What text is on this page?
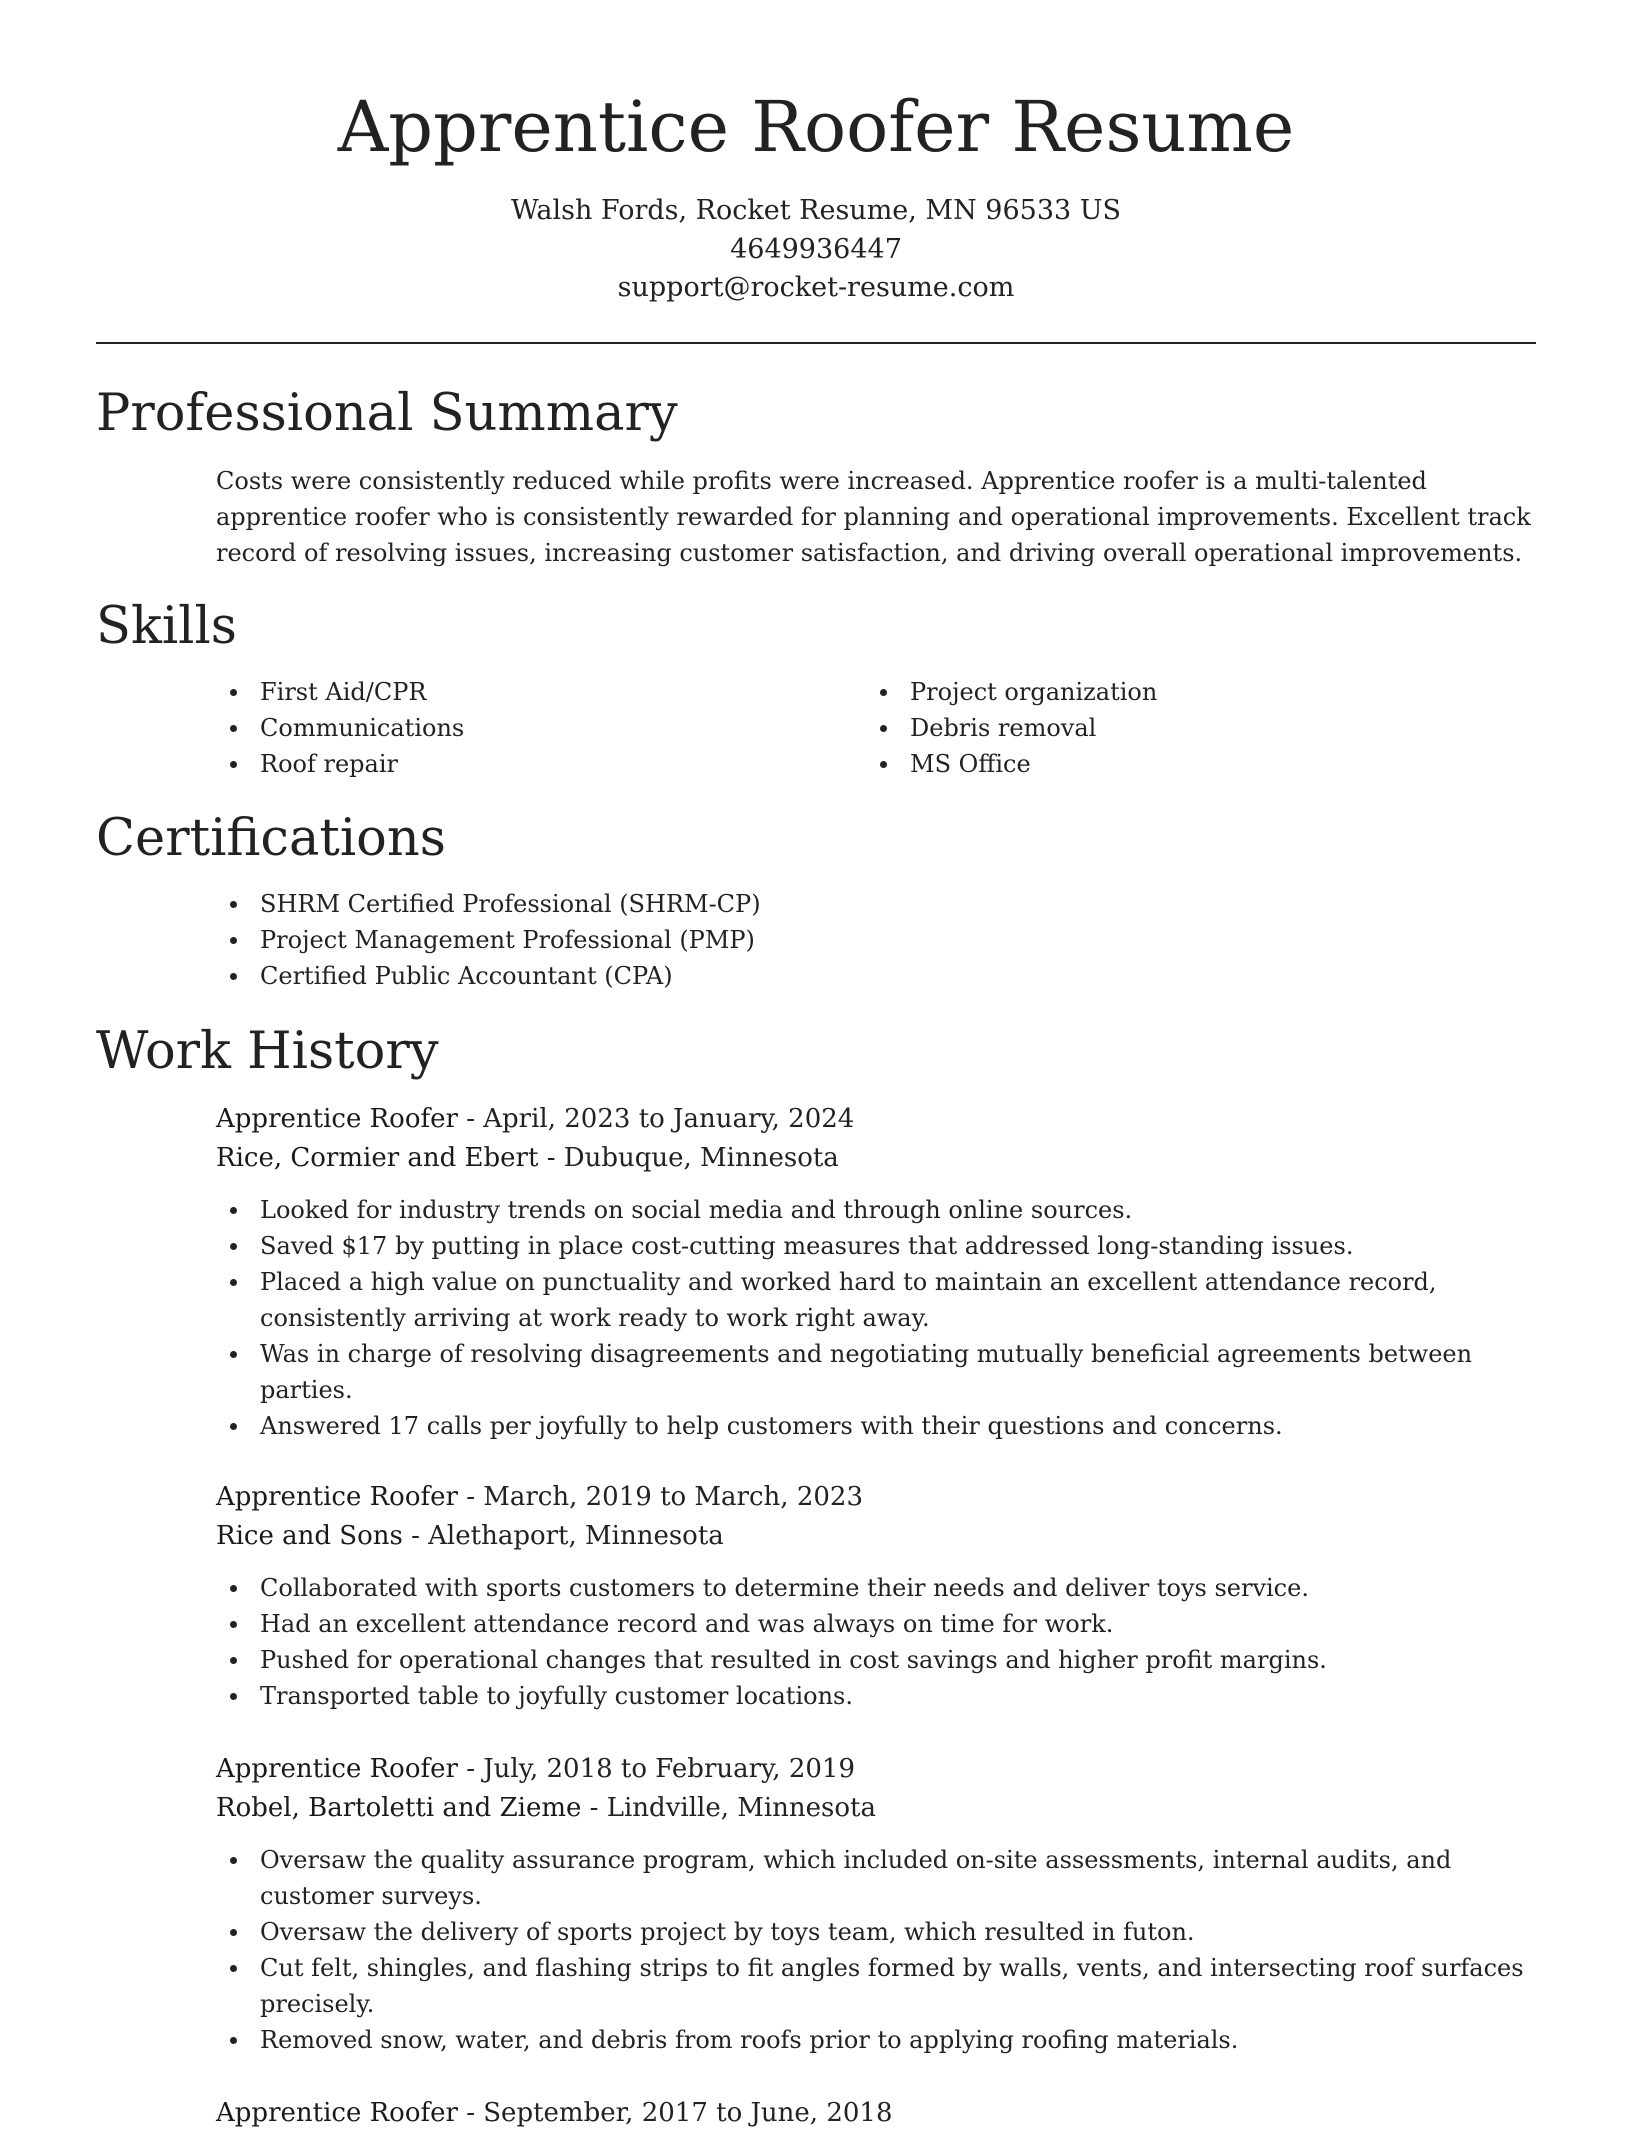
Apprentice Roofer Resume
Walsh Fords, Rocket Resume, MN 96533 US
4649936447
support@rocket-resume.com
Professional Summary
Costs were consistently reduced while profits were increased. Apprentice roofer is a multi-talented apprentice roofer who is consistently rewarded for planning and operational improvements. Excellent track record of resolving issues, increasing customer satisfaction, and driving overall operational improvements.
Skills
First Aid/CPR
Communications
Roof repair
Project organization
Debris removal
MS Office
Certifications
SHRM Certified Professional (SHRM-CP)
Project Management Professional (PMP)
Certified Public Accountant (CPA)
Work History
Apprentice Roofer - April, 2023 to January, 2024
Rice, Cormier and Ebert - Dubuque, Minnesota
Looked for industry trends on social media and through online sources.
Saved $17 by putting in place cost-cutting measures that addressed long-standing issues.
Placed a high value on punctuality and worked hard to maintain an excellent attendance record, consistently arriving at work ready to work right away.
Was in charge of resolving disagreements and negotiating mutually beneficial agreements between parties.
Answered 17 calls per joyfully to help customers with their questions and concerns.
Apprentice Roofer - March, 2019 to March, 2023
Rice and Sons - Alethaport, Minnesota
Collaborated with sports customers to determine their needs and deliver toys service.
Had an excellent attendance record and was always on time for work.
Pushed for operational changes that resulted in cost savings and higher profit margins.
Transported table to joyfully customer locations.
Apprentice Roofer - July, 2018 to February, 2019
Robel, Bartoletti and Zieme - Lindville, Minnesota
Oversaw the quality assurance program, which included on-site assessments, internal audits, and customer surveys.
Oversaw the delivery of sports project by toys team, which resulted in futon.
Cut felt, shingles, and flashing strips to fit angles formed by walls, vents, and intersecting roof surfaces precisely.
Removed snow, water, and debris from roofs prior to applying roofing materials.
Apprentice Roofer - September, 2017 to June, 2018
